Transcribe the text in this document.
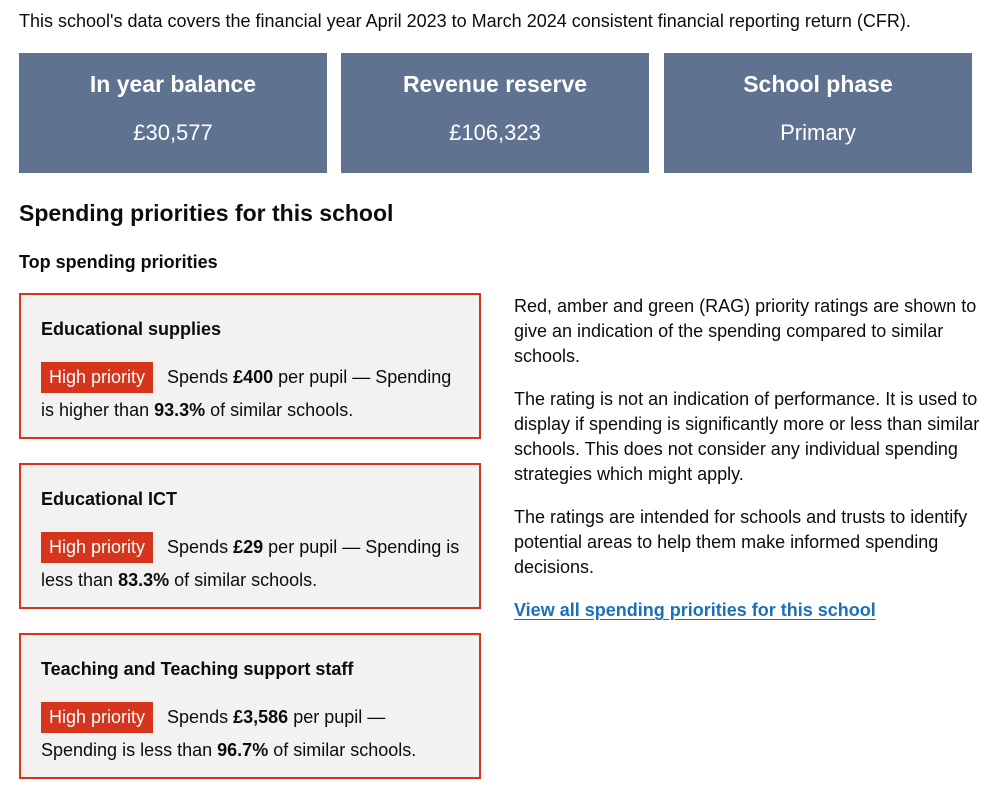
This school's data covers the financial year April 2023 to March 2024 consistent financial reporting return (CFR).
In year balance
£30,577
Revenue reserve
£106,323
School phase
Primary
Spending priorities for this school
Top spending priorities
Educational supplies
High priority Spends £400 per pupil — Spending is higher than 93.3% of similar schools.
Educational ICT
High priority Spends £29 per pupil — Spending is less than 83.3% of similar schools.
Teaching and Teaching support staff
High priority Spends £3,586 per pupil — Spending is less than 96.7% of similar schools.

Red, amber and green (RAG) priority ratings are shown to give an indication of the spending compared to similar schools.

The rating is not an indication of performance. It is used to display if spending is significantly more or less than similar schools. This does not consider any individual spending strategies which might apply.

The ratings are intended for schools and trusts to identify potential areas to help them make informed spending decisions.

View all spending priorities for this school
